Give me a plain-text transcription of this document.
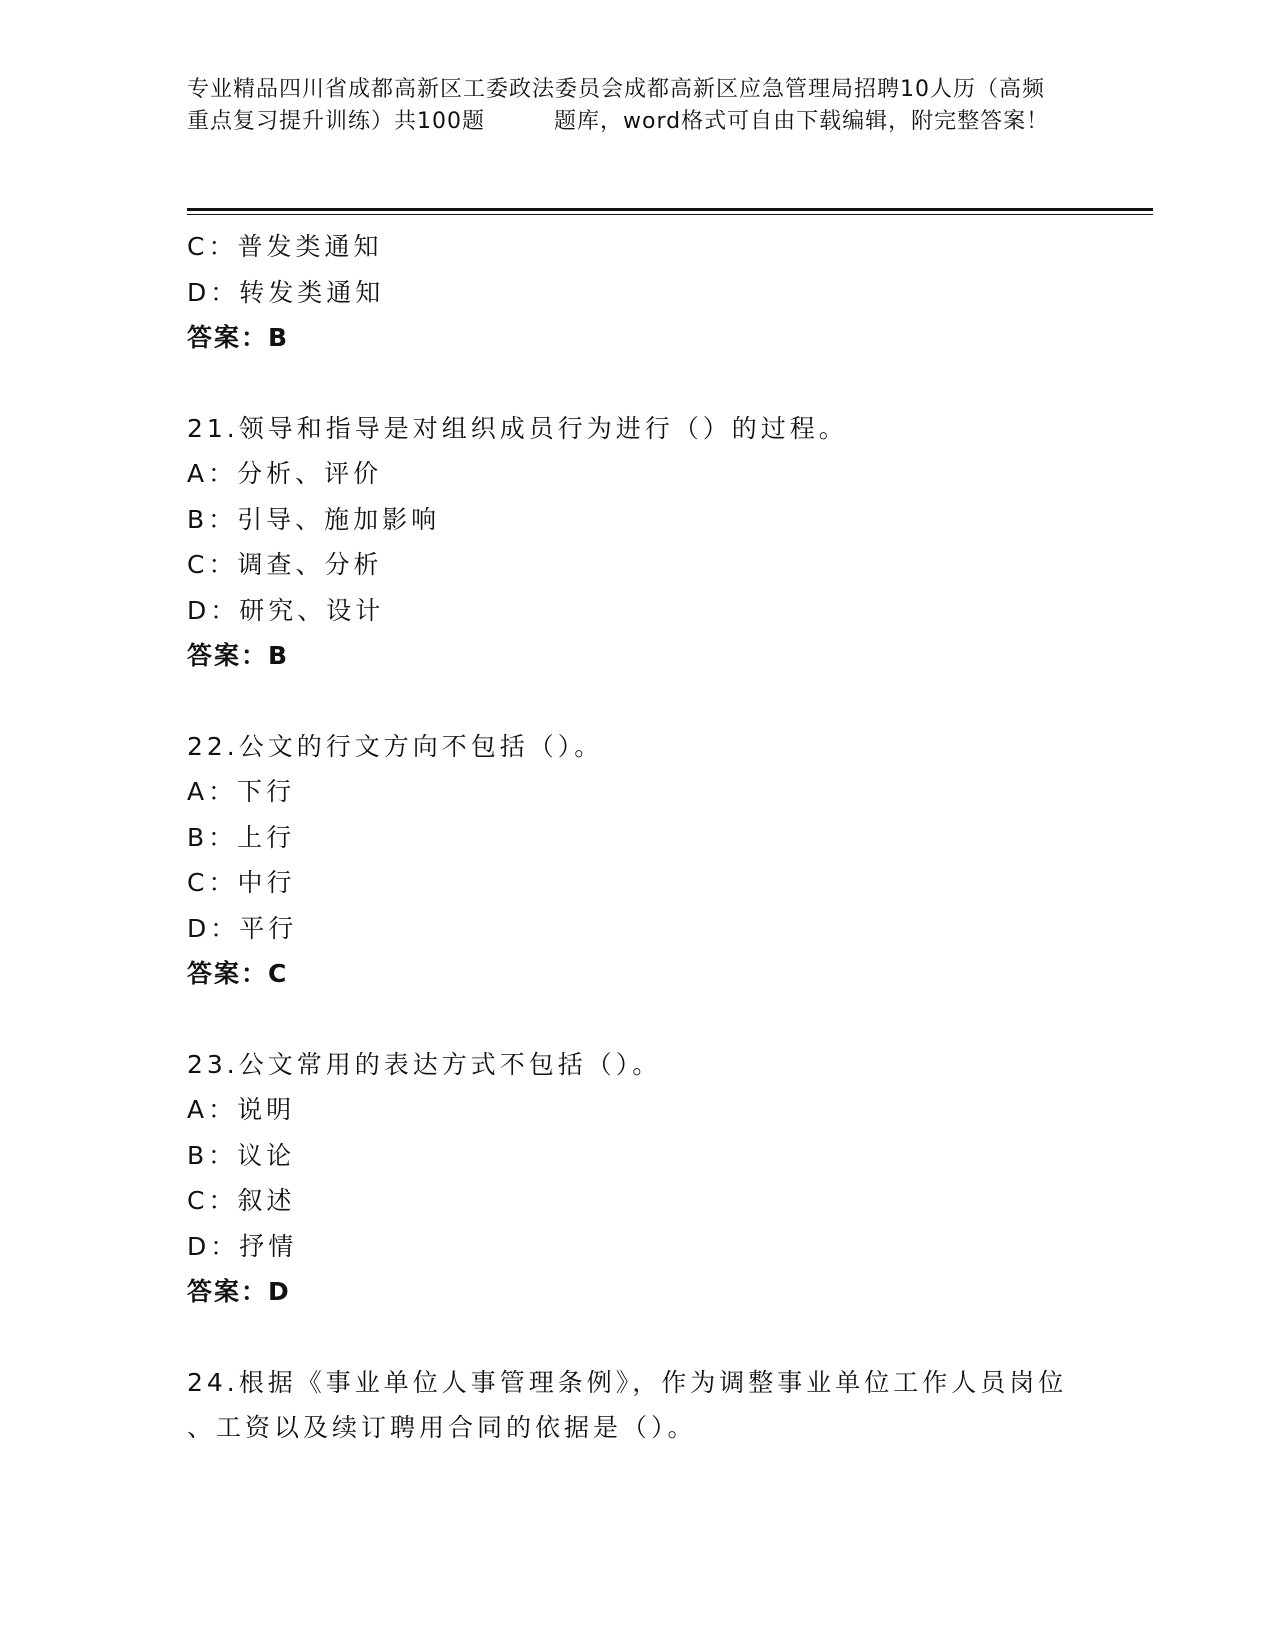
专业精品四川省成都高新区工委政法委员会成都高新区应急管理局招聘10人历（高频重点复习提升训练）共100题　　　题库，word格式可自由下载编辑，附完整答案！
C：普发类通知
D：转发类通知
答案：B
21.领导和指导是对组织成员行为进行（）的过程。
A：分析、评价
B：引导、施加影响
C：调查、分析
D：研究、设计
答案：B
22.公文的行文方向不包括（）。
A：下行
B：上行
C：中行
D：平行
答案：C
23.公文常用的表达方式不包括（）。
A：说明
B：议论
C：叙述
D：抒情
答案：D
24.根据《事业单位人事管理条例》，作为调整事业单位工作人员岗位
、工资以及续订聘用合同的依据是（）。
